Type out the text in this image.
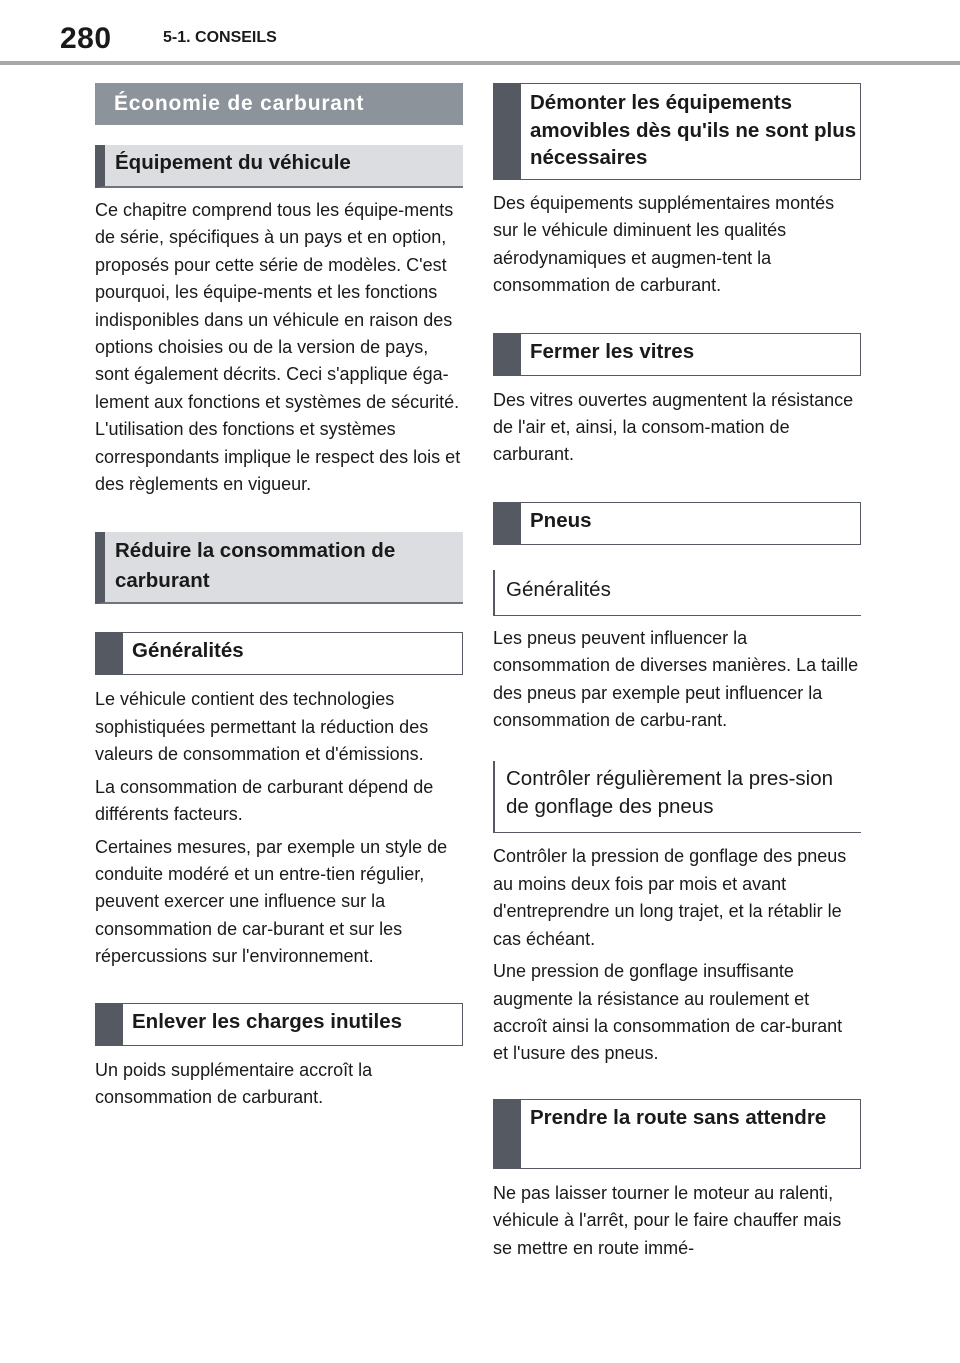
280	5-1. CONSEILS
Économie de carburant
Équipement du véhicule

Ce chapitre comprend tous les équipe-ments de série, spécifiques à un pays et en option, proposés pour cette série de modèles. C'est pourquoi, les équipe-ments et les fonctions indisponibles dans un véhicule en raison des options choisies ou de la version de pays, sont également décrits. Ceci s'applique éga-lement aux fonctions et systèmes de sécurité. L'utilisation des fonctions et systèmes correspondants implique le respect des lois et des règlements en vigueur.

Réduire la consommation de carburant
Généralités

Le véhicule contient des technologies sophistiquées permettant la réduction des valeurs de consommation et d'émissions.

La consommation de carburant dépend de différents facteurs.

Certaines mesures, par exemple un style de conduite modéré et un entre-tien régulier, peuvent exercer une influence sur la consommation de car-burant et sur les répercussions sur l'environnement.

Enlever les charges inutiles

Un poids supplémentaire accroît la consommation de carburant.

Démonter les équipements amovibles dès qu'ils ne sont plus nécessaires

Des équipements supplémentaires montés sur le véhicule diminuent les qualités aérodynamiques et augmen-tent la consommation de carburant.

Fermer les vitres

Des vitres ouvertes augmentent la résistance de l'air et, ainsi, la consom-mation de carburant.

Pneus
Généralités

Les pneus peuvent influencer la consommation de diverses manières. La taille des pneus par exemple peut influencer la consommation de carbu-rant.

Contrôler régulièrement la pres-sion de gonflage des pneus

Contrôler la pression de gonflage des pneus au moins deux fois par mois et avant d'entreprendre un long trajet, et la rétablir le cas échéant.

Une pression de gonflage insuffisante augmente la résistance au roulement et accroît ainsi la consommation de car-burant et l'usure des pneus.

Prendre la route sans attendre

Ne pas laisser tourner le moteur au ralenti, véhicule à l'arrêt, pour le faire chauffer mais se mettre en route immé-
